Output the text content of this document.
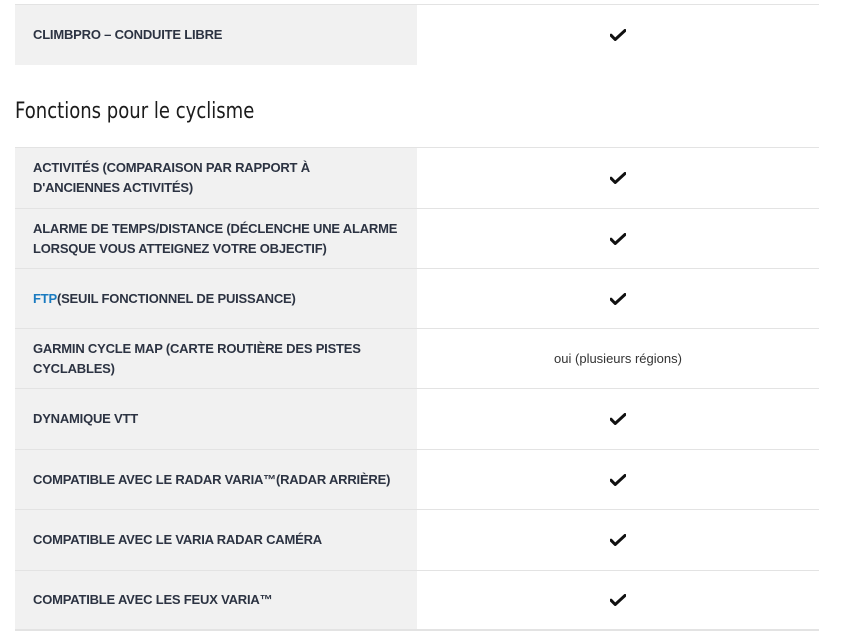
CLIMBPRO – CONDUITE LIBRE
Fonctions pour le cyclisme
ACTIVITÉS (COMPARAISON PAR RAPPORT À D'ANCIENNES ACTIVITÉS)
ALARME DE TEMPS/DISTANCE (DÉCLENCHE UNE ALARME LORSQUE VOUS ATTEIGNEZ VOTRE OBJECTIF)
FTP (SEUIL FONCTIONNEL DE PUISSANCE)
GARMIN CYCLE MAP (CARTE ROUTIÈRE DES PISTES CYCLABLES)
oui (plusieurs régions)
DYNAMIQUE VTT
COMPATIBLE AVEC LE RADAR VARIA™(RADAR ARRIÈRE)
COMPATIBLE AVEC LE VARIA RADAR CAMÉRA
COMPATIBLE AVEC LES FEUX VARIA™
